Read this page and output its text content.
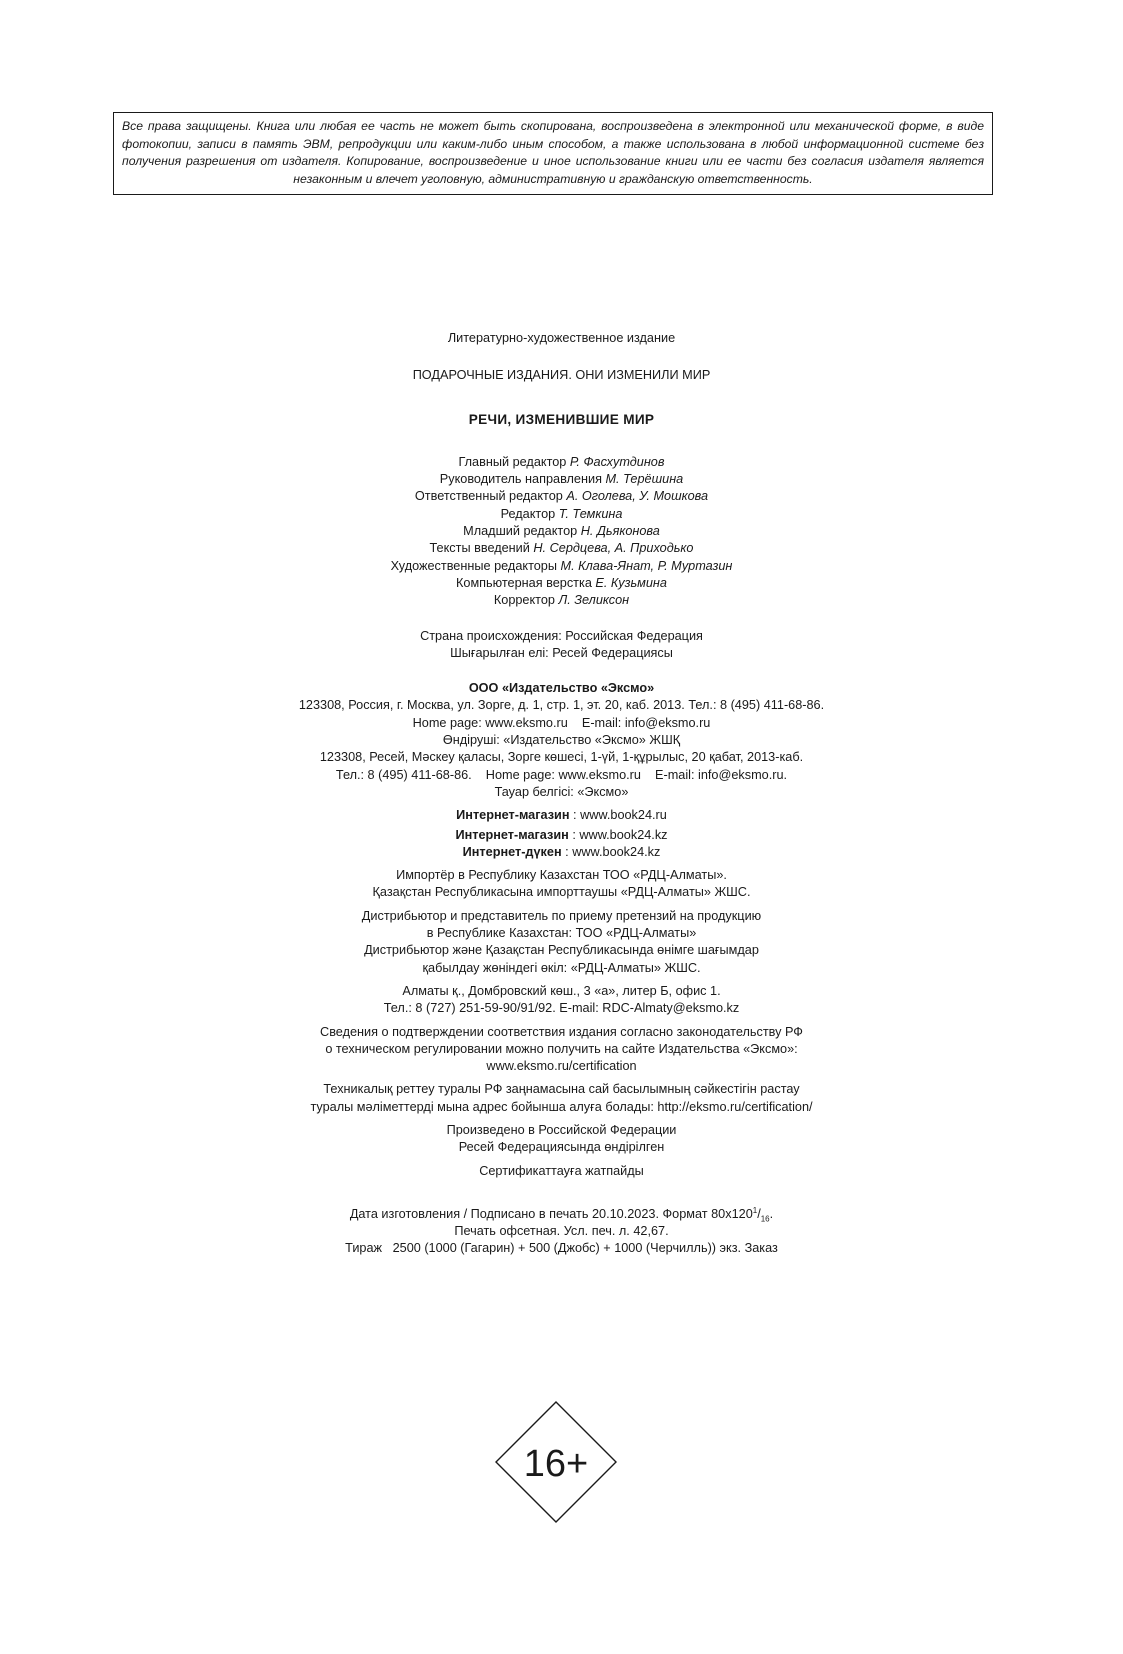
Все права защищены. Книга или любая ее часть не может быть скопирована, воспроизведена в электронной или механической форме, в виде фотокопии, записи в память ЭВМ, репродукции или каким-либо иным способом, а также использована в любой информационной системе без получения разрешения от издателя. Копирование, воспроизведение и иное использование книги или ее части без согласия издателя является незаконным и влечет уголовную, административную и гражданскую ответственность.

Литературно-художественное издание
ПОДАРОЧНЫЕ ИЗДАНИЯ. ОНИ ИЗМЕНИЛИ МИР
РЕЧИ, ИЗМЕНИВШИЕ МИР
Главный редактор Р. Фасхутдинов
Руководитель направления М. Терёшина
Ответственный редактор А. Оголева, У. Мошкова
Редактор Т. Темкина
Младший редактор Н. Дьяконова
Тексты введений Н. Сердцева, А. Приходько
Художественные редакторы М. Клава-Янат, Р. Муртазин
Компьютерная верстка Е. Кузьмина
Корректор Л. Зеликсон
Страна происхождения: Российская Федерация
Шығарылған елі: Ресей Федерациясы
ООО «Издательство «Эксмо»
123308, Россия, г. Москва, ул. Зорге, д. 1, стр. 1, эт. 20, каб. 2013. Тел.: 8 (495) 411-68-86.
Home page: www.eksmo.ru    E-mail: info@eksmo.ru
Өндіруші: «Издательство «Эксмо» ЖШҚ
123308, Ресей, Мәскеу қаласы, Зорге көшесі, 1-үй, 1-құрылыс, 20 қабат, 2013-каб.
Тел.: 8 (495) 411-68-86.    Home page: www.eksmo.ru    E-mail: info@eksmo.ru.
Тауар белгісі: «Эксмо»
Интернет-магазин : www.book24.ru
Интернет-магазин : www.book24.kz
Интернет-дүкен : www.book24.kz
Импортёр в Республику Казахстан ТОО «РДЦ-Алматы».
Қазақстан Республикасына импорттаушы «РДЦ-Алматы» ЖШС.
Дистрибьютор и представитель по приему претензий на продукцию
в Республике Казахстан: ТОО «РДЦ-Алматы»
Дистрибьютор және Қазақстан Республикасында өнімге шағымдар
қабылдау жөніндегі өкіл: «РДЦ-Алматы» ЖШС.
Алматы қ., Домбровский көш., 3 «а», литер Б, офис 1.
Тел.: 8 (727) 251-59-90/91/92. E-mail: RDC-Almaty@eksmo.kz
Сведения о подтверждении соответствия издания согласно законодательству РФ
о техническом регулировании можно получить на сайте Издательства «Эксмо»:
www.eksmo.ru/certification
Техникалық реттеу туралы РФ заңнамасына сай басылымның сәйкестігін растау
туралы мәліметтерді мына адрес бойынша алуға болады: http://eksmo.ru/certification/
Произведено в Российской Федерации
Ресей Федерациясында өндірілген
Сертификаттауға жатпайды
Дата изготовления / Подписано в печать 20.10.2023. Формат $80x120^1/_{16}$.
Печать офсетная. Усл. печ. л. 42,67.
Тираж   2500 (1000 (Гагарин) + 500 (Джобс) + 1000 (Черчилль)) экз. Заказ
16+
